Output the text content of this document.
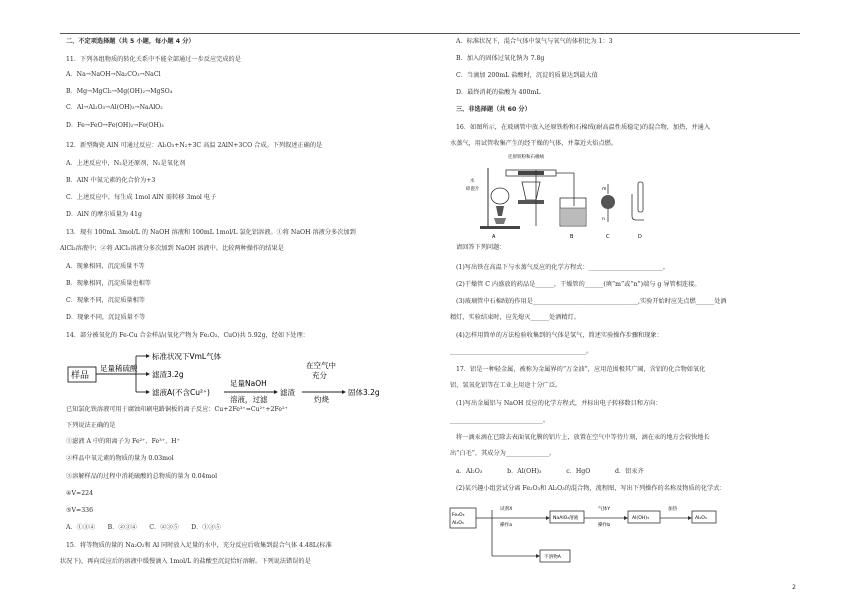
二、不定项选择题（共 5 小题，每小题 4 分）
11．下列各组物质的转化关系中不能全部通过一步反应完成的是
A．Na→NaOH→Na₂CO₃→NaCl
B．Mg→MgCl₂→Mg(OH)₂→MgSO₄
C．Al→Al₂O₃→Al(OH)₃→NaAlO₂
D．Fe→FeO→Fe(OH)₂→Fe(OH)₃
12．新型陶瓷 AlN 可通过反应：Al₂O₃+N₂+3C 高温 2AlN+3CO 合成。下列叙述正确的是
A．上述反应中，N₂是还原剂，N₂是氧化剂
B．AlN 中氮元素的化合价为+3
C．上述反应中，每生成 1mol AlN 需转移 3mol 电子
D．AlN 的摩尔质量为 41g
13．现有 100mL 3mol/L 的 NaOH 溶液和 100mL 1mol/L 氯化铝溶液。①将 NaOH 溶液分多次加到
AlCl₃溶液中；②将 AlCl₃溶液分多次加到 NaOH 溶液中。比较两种操作的结果是
A．现象相同，沉淀质量不等
B．现象相同，沉淀质量也相等
C．现象不同，沉淀质量相等
D．现象不同，沉淀质量不等
14．部分被氧化的 Fe-Cu 合金样品(氧化产物为 Fe₂O₃、CuO)共 5.92g，经如下处理：
样品
足量稀硫酸
标准状况下VmL气体
滤渣3.2g
滤液A(不含Cu²⁺)
足量NaOH
溶液，过滤
滤渣
在空气中
充分
灼烧
固体3.2g
已知氯化铁溶液可用于腐蚀印刷电路铜板的离子反应：Cu+2Fe³⁺=Cu²⁺+2Fe²⁺
下列说法正确的是
①滤液 A 中的阳离子为 Fe²⁺、Fe³⁺、H⁺
②样品中氧元素的物质的量为 0.03mol
③溶解样品的过程中消耗硫酸的总物质的量为 0.04mol
④V=224
⑤V=336
A．①③④　　B．②③④　　C．②③⑤　　D．①③⑤
15．将等物质的量的 Na₂O₂和 Al 同时放入足量的水中，充分反应后收集到混合气体 4.48L(标准
状况下)，再向反应后的溶液中缓慢滴入 1mol/L 的盐酸至沉淀恰好溶解。下列说法错误的是
A．标准状况下，混合气体中氢气与氧气的体积比为 1：3
B．加入的固体过氧化钠为 7.8g
C．当滴加 200mL 盐酸时，沉淀的质量达到最大值
D．最终消耗的盐酸为 400mL
三、非选择题（共 60 分）
16．如图所示，在玻璃管中放入还原铁粉和石棉绒(耐高温性质稳定)的混合物，加热，并通入
水蒸气，用试管收集产生的经干燥的气体，并靠近火焰点燃。
还原铁粉和石棉绒
水
碎瓷片
A	B
m
n
C	D
请回答下列问题：
(1)写出铁在高温下与水蒸气反应的化学方程式：________________________。
(2)干燥管 C 内盛放的药品是______，干燥管的______(填“m”或“n”)端与 g 导管相连接。
(3)玻璃管中石棉绒的作用是__________________________________,实验开始时应先点燃______处酒
精灯，实验结束时，应先熄灭______处酒精灯。
(4)怎样用简单的方法检验收集到的气体是氢气，简述实验操作步骤和现象：
____________________________________________。
17．铝是一种轻金属，被称为金属界的“万金油”，应用范围极其广阔，含铝的化合物如氧化
铝、氢氧化铝等在工业上用途十分广泛。
(1)写出金属铝与 NaOH 反应的化学方程式，并标出电子转移数目和方向：
______________________________。
将一滴汞滴在已除去表面氧化膜的铝片上，放置在空气中等待片刻，滴在汞的地方会较快地长
出“白毛”，其成分为______________。
a．Al₂O₃　　　　b．Al(OH)₃　　　　c．HgO　　　　d．铝汞齐
(2)某兴趣小组尝试分离 Fe₂O₃和 Al₂O₃的混合物，流程图，写出下列操作的名称及物质的化学式：
Fe₂O₃
Al₂O₃
试剂X
操作a
NaAlO₂溶液
气体Y
操作b
Al(OH)₃
加热
Al₂O₃
不溶物A
2
